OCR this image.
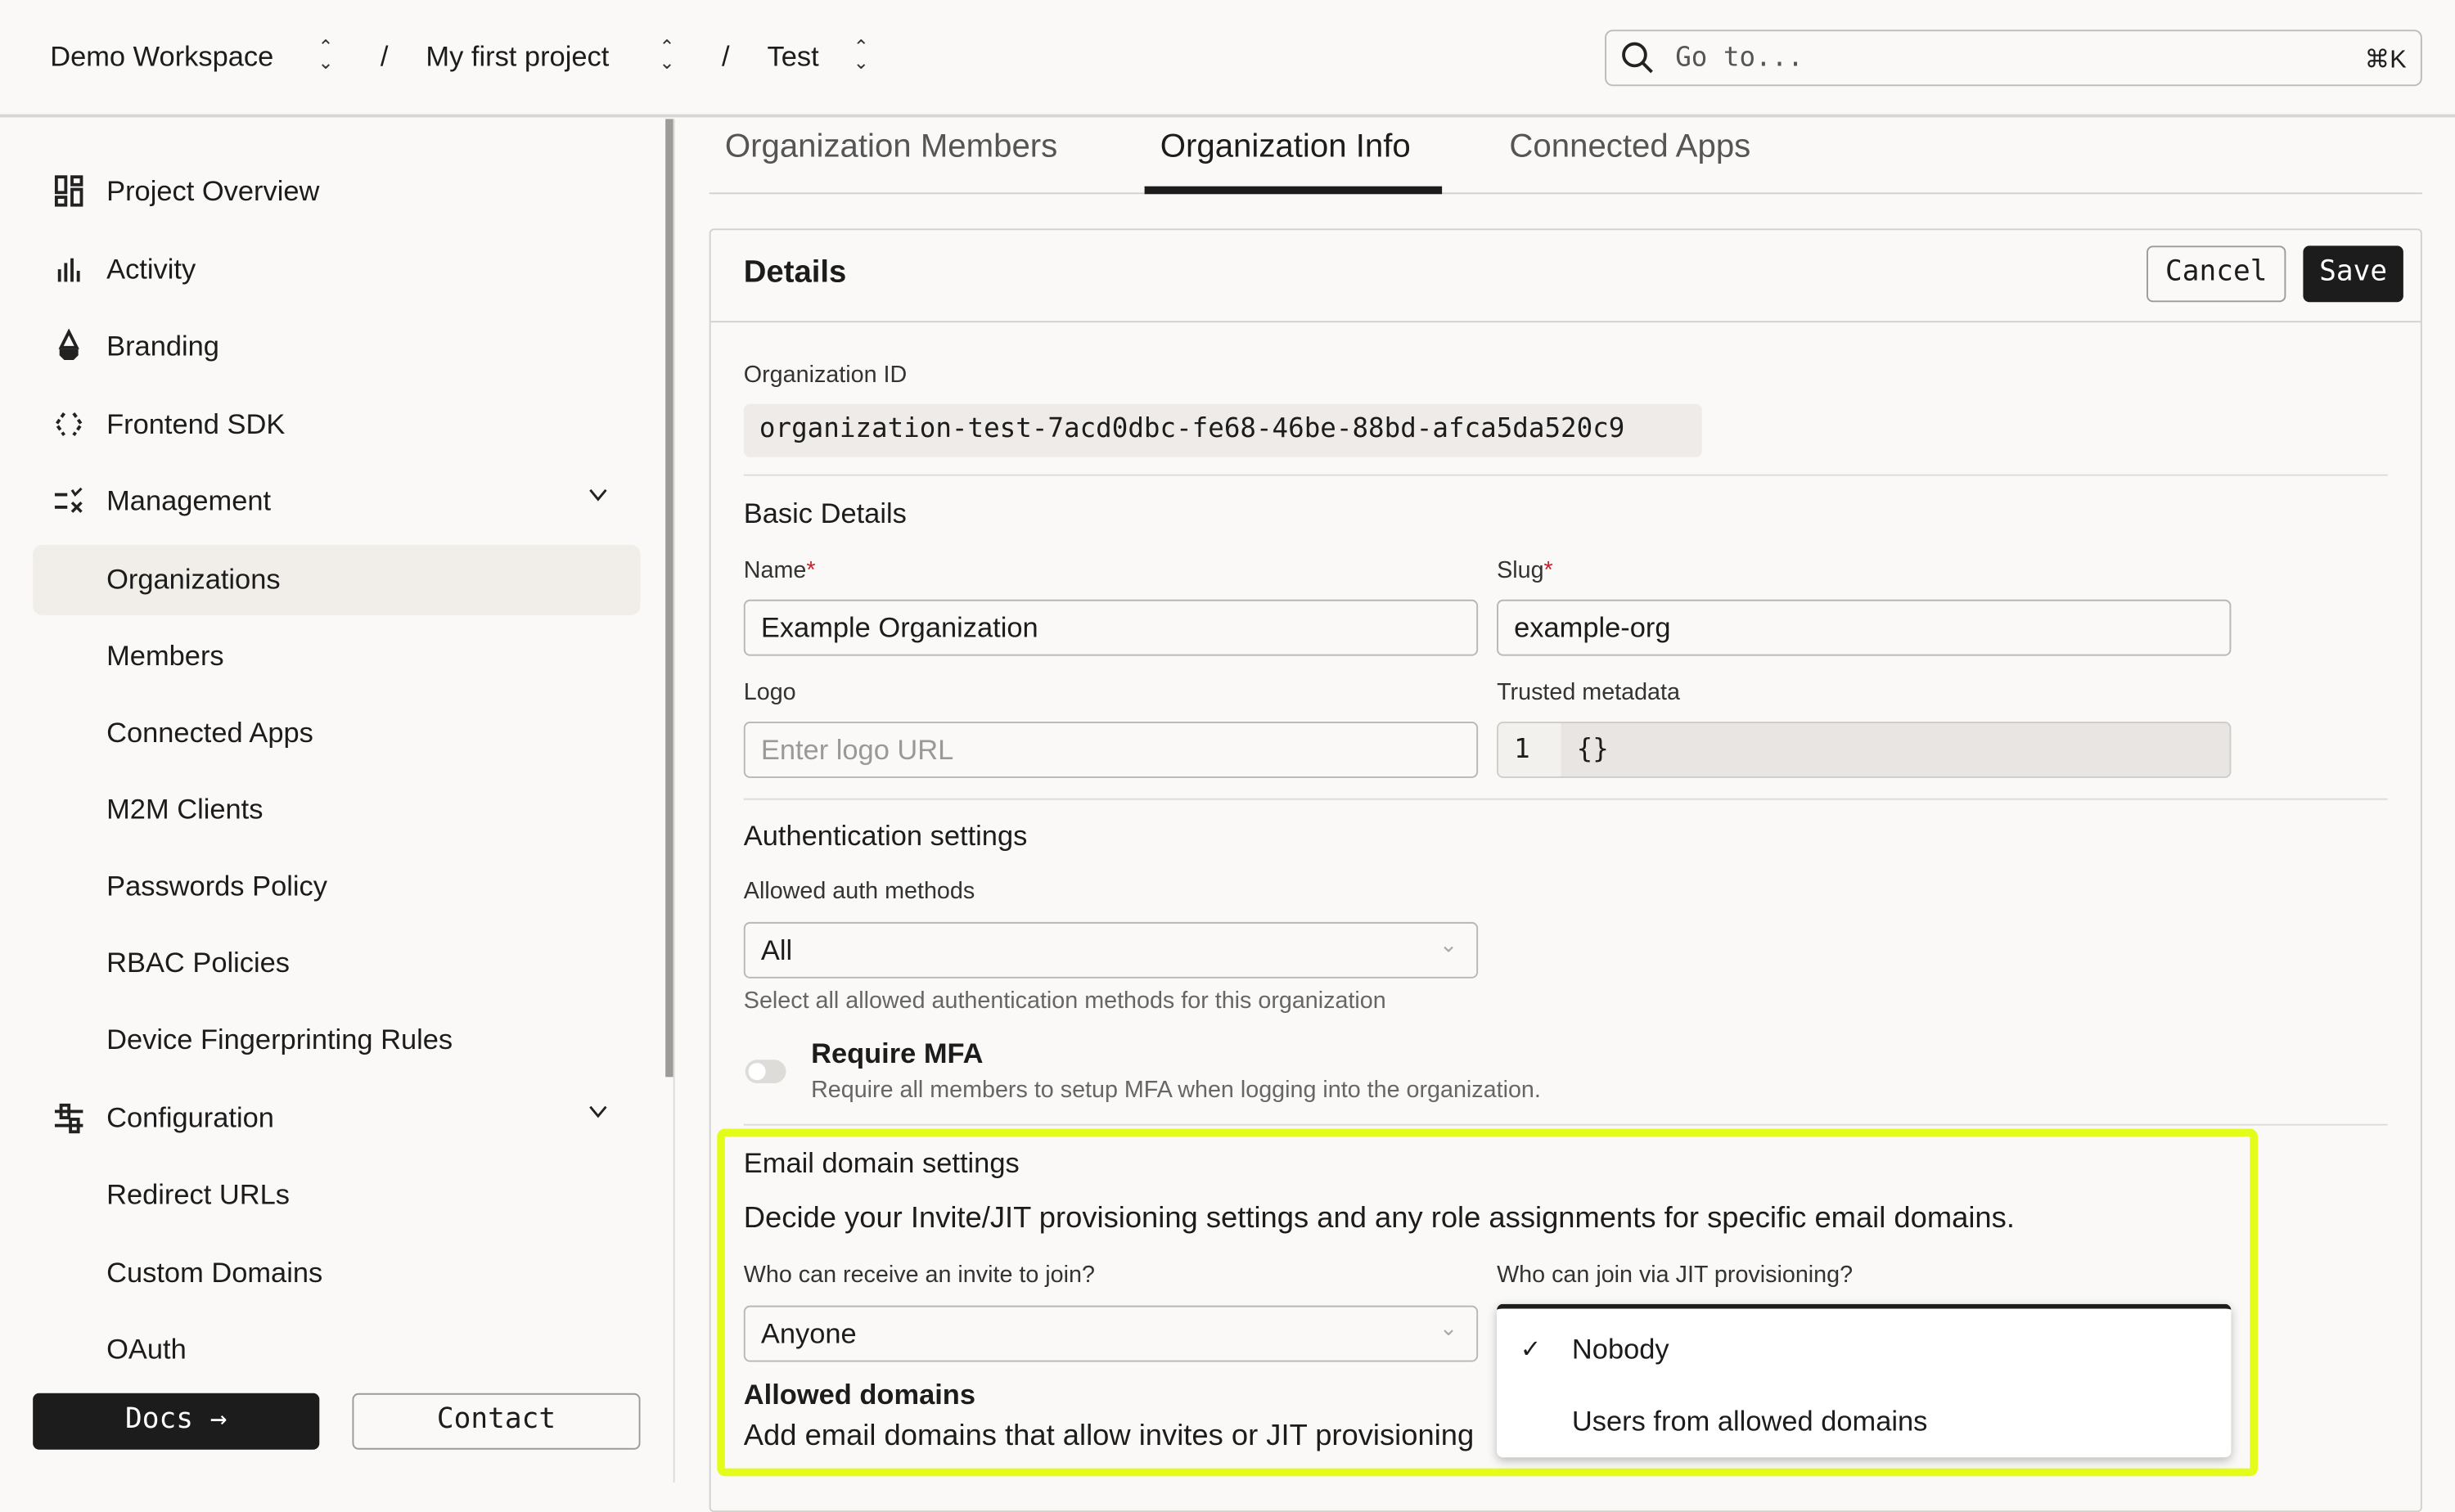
Demo Workspace	⌃
⌄	/	My first project	⌃
⌄	/	Test	⌃
⌄	Go to...	⌘K
Project Overview
Activity
Branding
Frontend SDK
Management
Organizations
Members
Connected Apps
M2M Clients
Passwords Policy
RBAC Policies
Device Fingerprinting Rules
Configuration
Redirect URLs
Custom Domains
OAuth
Docs →	Contact
Organization Members	Organization Info	Connected Apps
Details	Cancel	Save
Organization ID
organization-test-7acd0dbc-fe68-46be-88bd-afca5da520c9
Basic Details
Name*	Slug*
Example Organization	example-org
Logo	Trusted metadata
Enter logo URL	1	{}
Authentication settings
Allowed auth methods
All	⌄
Select all allowed authentication methods for this organization
Require MFA
Require all members to setup MFA when logging into the organization.
Email domain settings
Decide your Invite/JIT provisioning settings and any role assignments for specific email domains.
Who can receive an invite to join?	Who can join via JIT provisioning?
Anyone	⌄
Allowed domains
Add email domains that allow invites or JIT provisioning
✓ Nobody
Users from allowed domains
